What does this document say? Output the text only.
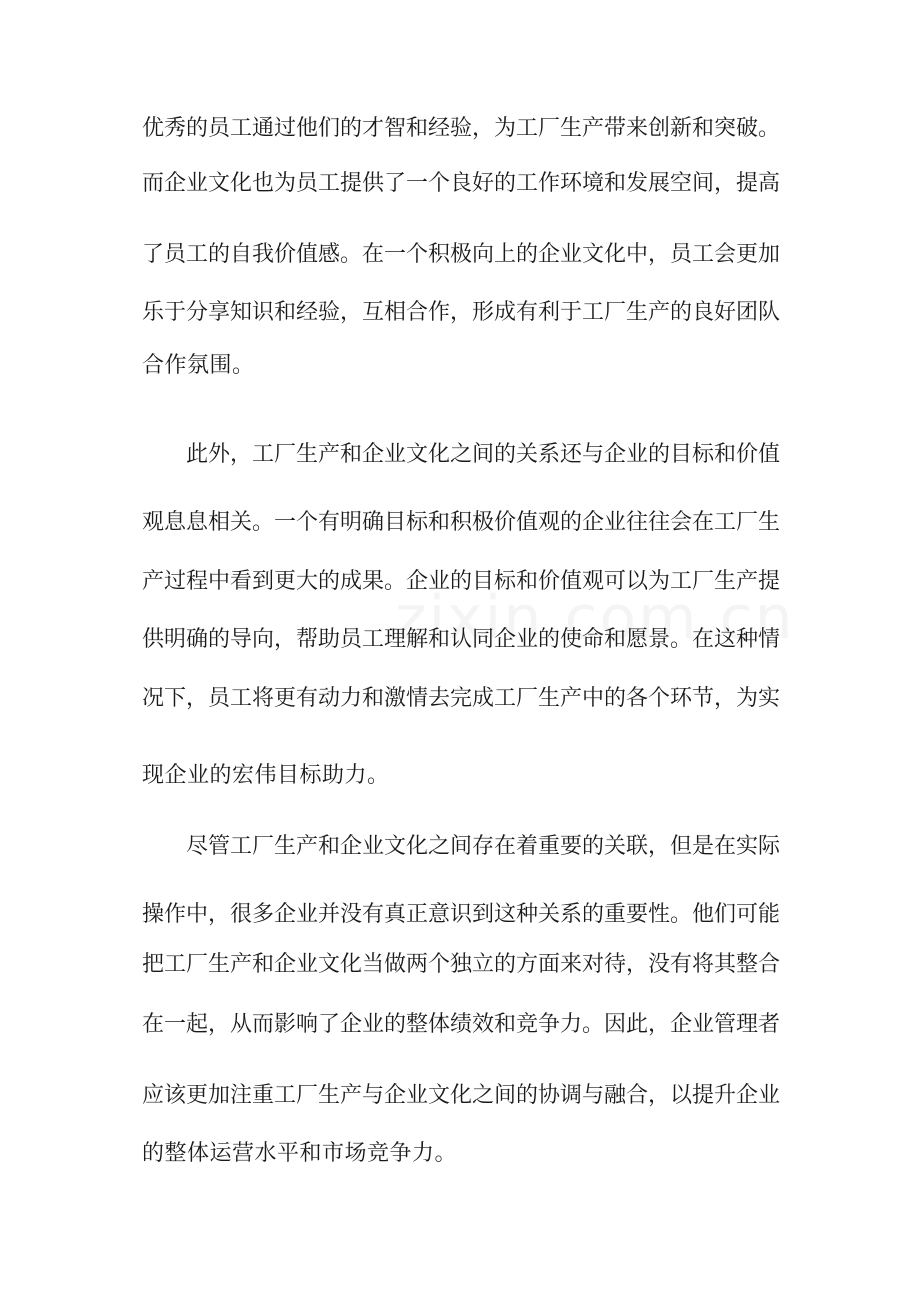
优秀的员工通过他们的才智和经验，为工厂生产带来创新和突破。
而企业文化也为员工提供了一个良好的工作环境和发展空间，提高
了员工的自我价值感。在一个积极向上的企业文化中，员工会更加
乐于分享知识和经验，互相合作，形成有利于工厂生产的良好团队
合作氛围。
此外，工厂生产和企业文化之间的关系还与企业的目标和价值
观息息相关。一个有明确目标和积极价值观的企业往往会在工厂生
产过程中看到更大的成果。企业的目标和价值观可以为工厂生产提
供明确的导向，帮助员工理解和认同企业的使命和愿景。在这种情
况下，员工将更有动力和激情去完成工厂生产中的各个环节，为实
现企业的宏伟目标助力。
尽管工厂生产和企业文化之间存在着重要的关联，但是在实际
操作中，很多企业并没有真正意识到这种关系的重要性。他们可能
把工厂生产和企业文化当做两个独立的方面来对待，没有将其整合
在一起，从而影响了企业的整体绩效和竞争力。因此，企业管理者
应该更加注重工厂生产与企业文化之间的协调与融合，以提升企业
的整体运营水平和市场竞争力。
